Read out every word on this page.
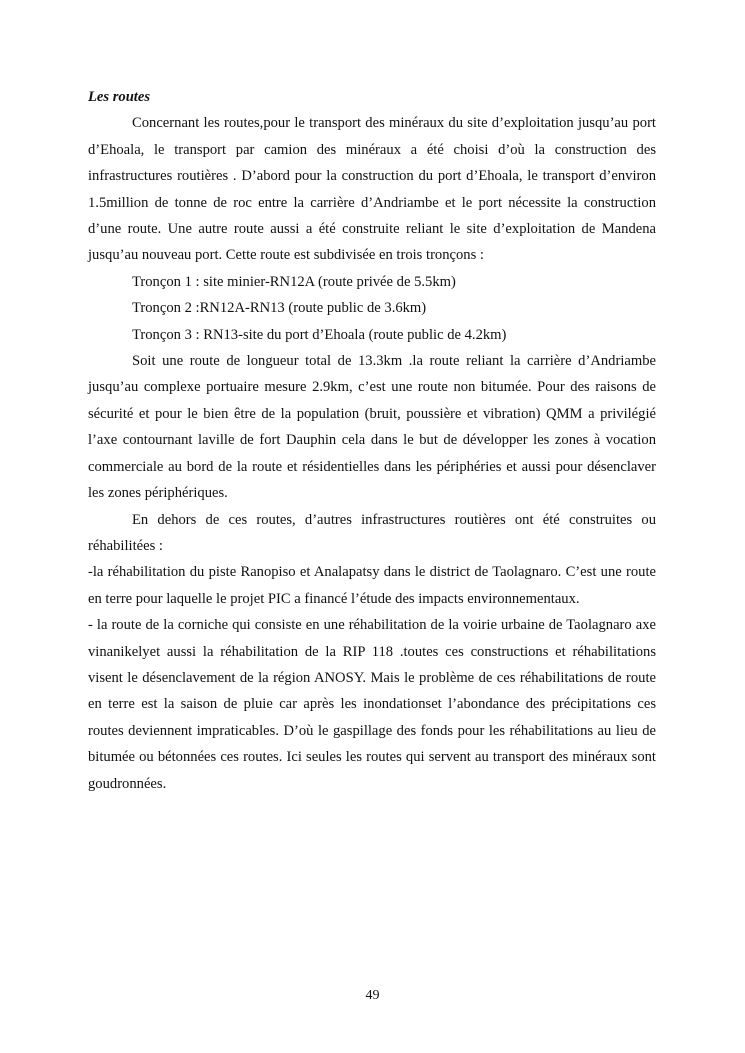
Les routes

Concernant les routes,pour le transport des minéraux du site d’exploitation jusqu’au port d’Ehoala, le transport par camion des minéraux a été choisi d’où la construction des infrastructures routières . D’abord pour la construction du port d’Ehoala, le transport d’environ 1.5million de tonne de roc entre la carrière d’Andriambe et le port nécessite la construction d’une route. Une autre route aussi a été construite reliant le site d’exploitation de Mandena jusqu’au nouveau port. Cette route est subdivisée en trois tronçons :

Tronçon 1 : site minier-RN12A (route privée de 5.5km)

Tronçon 2 :RN12A-RN13 (route public de 3.6km)

Tronçon 3 : RN13-site du port d’Ehoala (route public de 4.2km)

Soit une route de longueur total de 13.3km .la route reliant la carrière d’Andriambe jusqu’au complexe portuaire mesure 2.9km, c’est une route non bitumée. Pour des raisons de sécurité et pour le bien être de la population (bruit, poussière et vibration) QMM a privilégié l’axe contournant laville de fort Dauphin cela dans le but de développer les zones à vocation commerciale au bord de la route et résidentielles dans les périphéries et aussi pour désenclaver les zones périphériques.

En dehors de ces routes, d’autres infrastructures routières ont été construites ou réhabilitées :

-la réhabilitation du piste Ranopiso et Analapatsy dans le district de Taolagnaro. C’est une route en terre pour laquelle le projet PIC a financé l’étude des impacts environnementaux.

- la route de la corniche qui consiste en une réhabilitation de la voirie urbaine de Taolagnaro axe vinanikelyet aussi la réhabilitation de la RIP 118 .toutes ces constructions et réhabilitations visent le désenclavement de la région ANOSY. Mais le problème de ces réhabilitations de route en terre est la saison de pluie car après les inondationset l’abondance des précipitations ces routes deviennent impraticables. D’où le gaspillage des fonds pour les réhabilitations au lieu de bitumée ou bétonnées ces routes. Ici seules les routes qui servent au transport des minéraux sont goudronnées.

49
